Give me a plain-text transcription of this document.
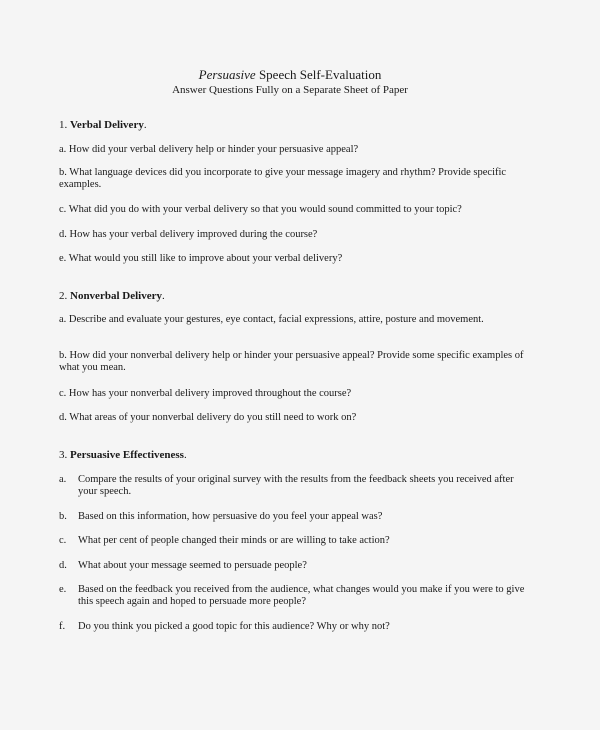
Persuasive Speech Self-Evaluation
Answer Questions Fully on a Separate Sheet of Paper
1. Verbal Delivery.
a. How did your verbal delivery help or hinder your persuasive appeal?
b. What language devices did you incorporate to give your message imagery and rhythm? Provide specific examples.
c. What did you do with your verbal delivery so that you would sound committed to your topic?
d. How has your verbal delivery improved during the course?
e. What would you still like to improve about your verbal delivery?
2. Nonverbal Delivery.
a. Describe and evaluate your gestures, eye contact, facial expressions, attire, posture and movement.
b. How did your nonverbal delivery help or hinder your persuasive appeal? Provide some specific examples of what you mean.
c. How has your nonverbal delivery improved throughout the course?
d. What areas of your nonverbal delivery do you still need to work on?
3. Persuasive Effectiveness.
a.	Compare the results of your original survey with the results from the feedback sheets you received after your speech.
b.	Based on this information, how persuasive do you feel your appeal was?
c.	What per cent of people changed their minds or are willing to take action?
d.	What about your message seemed to persuade people?
e.	Based on the feedback you received from the audience, what changes would you make if you were to give this speech again and hoped to persuade more people?
f.	Do you think you picked a good topic for this audience? Why or why not?
